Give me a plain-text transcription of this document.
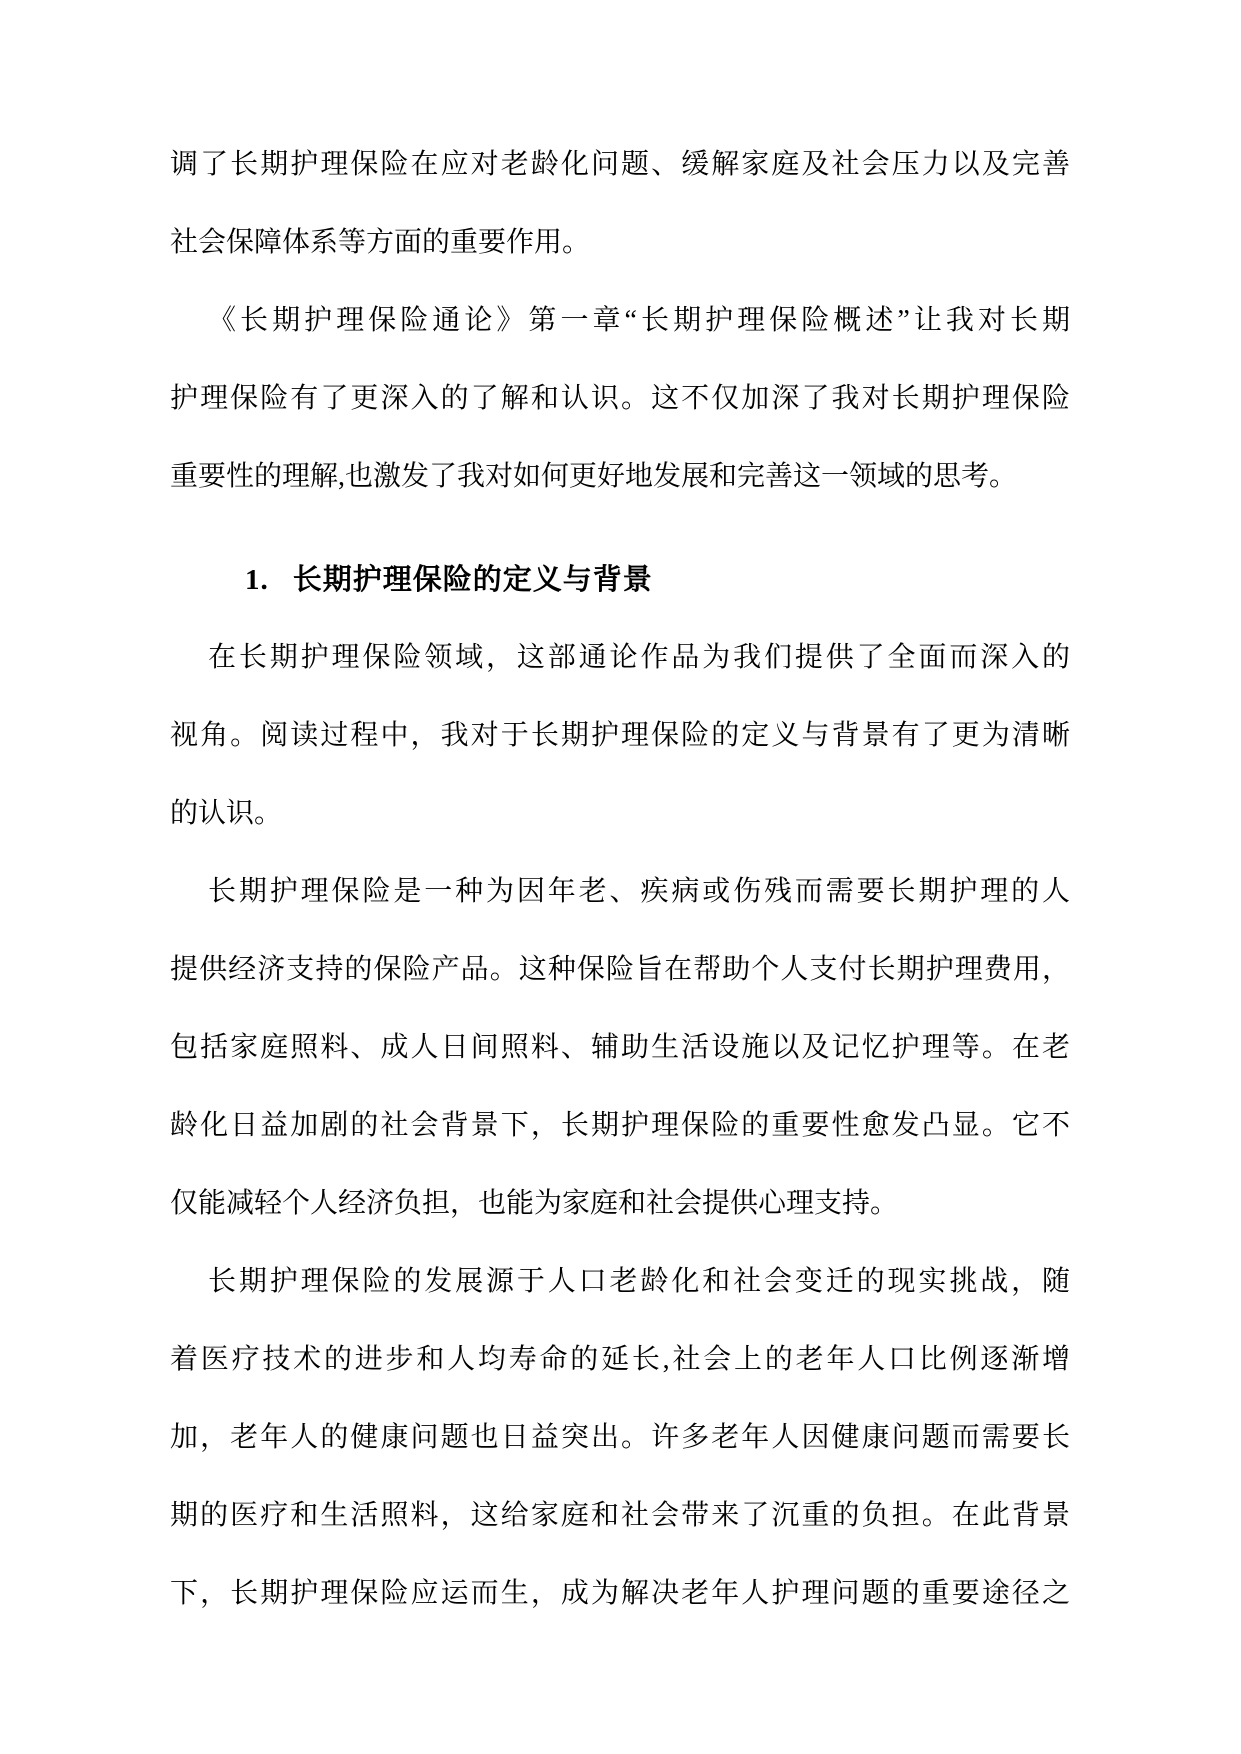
调了长期护理保险在应对老龄化问题、缓解家庭及社会压力以及完善
社会保障体系等方面的重要作用。
《长期护理保险通论》第一章“长期护理保险概述”让我对长期
护理保险有了更深入的了解和认识。这不仅加深了我对长期护理保险
重要性的理解,也激发了我对如何更好地发展和完善这一领域的思考。
1. 长期护理保险的定义与背景
在长期护理保险领域，这部通论作品为我们提供了全面而深入的
视角。阅读过程中，我对于长期护理保险的定义与背景有了更为清晰
的认识。
长期护理保险是一种为因年老、疾病或伤残而需要长期护理的人
提供经济支持的保险产品。这种保险旨在帮助个人支付长期护理费用，
包括家庭照料、成人日间照料、辅助生活设施以及记忆护理等。在老
龄化日益加剧的社会背景下，长期护理保险的重要性愈发凸显。它不
仅能减轻个人经济负担，也能为家庭和社会提供心理支持。
长期护理保险的发展源于人口老龄化和社会变迁的现实挑战，随
着医疗技术的进步和人均寿命的延长,社会上的老年人口比例逐渐增
加，老年人的健康问题也日益突出。许多老年人因健康问题而需要长
期的医疗和生活照料，这给家庭和社会带来了沉重的负担。在此背景
下，长期护理保险应运而生，成为解决老年人护理问题的重要途径之
